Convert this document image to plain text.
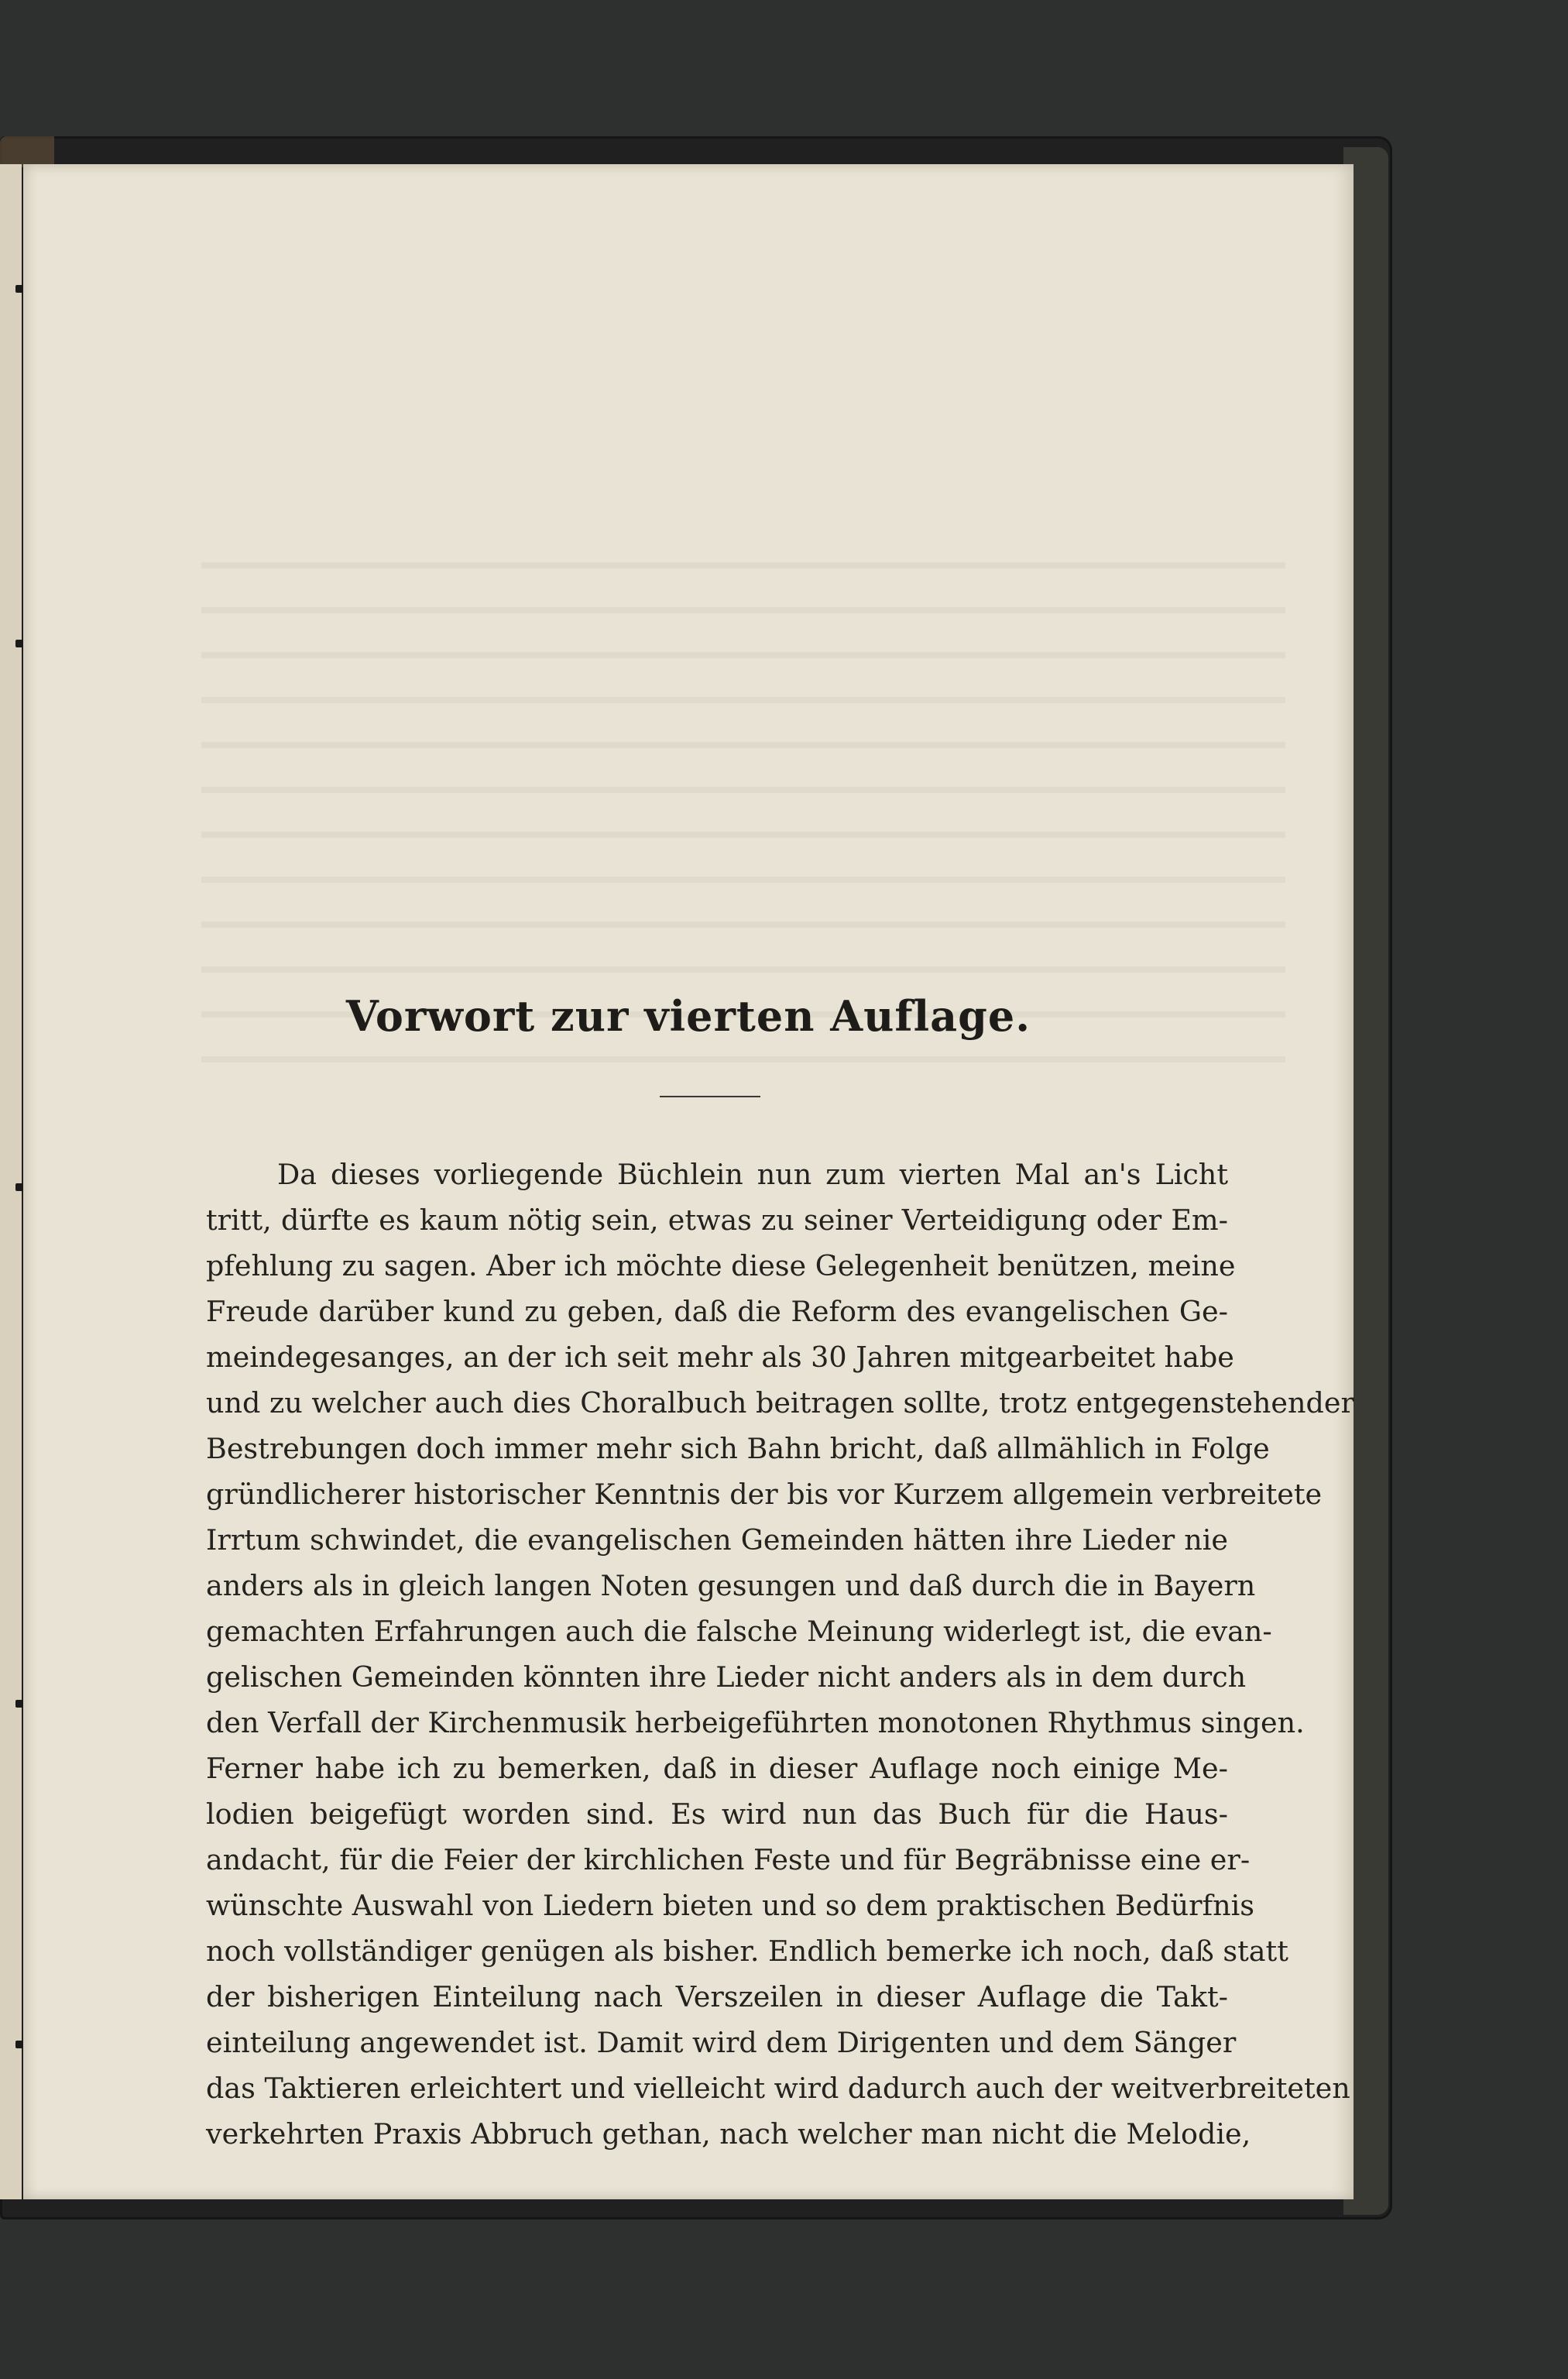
Vorwort zur vierten Auflage.
Da dieses vorliegende Büchlein nun zum vierten Mal an's Licht
tritt, dürfte es kaum nötig sein, etwas zu seiner Verteidigung oder Em-
pfehlung zu sagen. Aber ich möchte diese Gelegenheit benützen, meine
Freude darüber kund zu geben, daß die Reform des evangelischen Ge-
meindegesanges, an der ich seit mehr als 30 Jahren mitgearbeitet habe
und zu welcher auch dies Choralbuch beitragen sollte, trotz entgegenstehender
Bestrebungen doch immer mehr sich Bahn bricht, daß allmählich in Folge
gründlicherer historischer Kenntnis der bis vor Kurzem allgemein verbreitete
Irrtum schwindet, die evangelischen Gemeinden hätten ihre Lieder nie
anders als in gleich langen Noten gesungen und daß durch die in Bayern
gemachten Erfahrungen auch die falsche Meinung widerlegt ist, die evan-
gelischen Gemeinden könnten ihre Lieder nicht anders als in dem durch
den Verfall der Kirchenmusik herbeigeführten monotonen Rhythmus singen.
Ferner habe ich zu bemerken, daß in dieser Auflage noch einige Me-
lodien beigefügt worden sind. Es wird nun das Buch für die Haus-
andacht, für die Feier der kirchlichen Feste und für Begräbnisse eine er-
wünschte Auswahl von Liedern bieten und so dem praktischen Bedürfnis
noch vollständiger genügen als bisher. Endlich bemerke ich noch, daß statt
der bisherigen Einteilung nach Verszeilen in dieser Auflage die Takt-
einteilung angewendet ist. Damit wird dem Dirigenten und dem Sänger
das Taktieren erleichtert und vielleicht wird dadurch auch der weitverbreiteten
verkehrten Praxis Abbruch gethan, nach welcher man nicht die Melodie,
